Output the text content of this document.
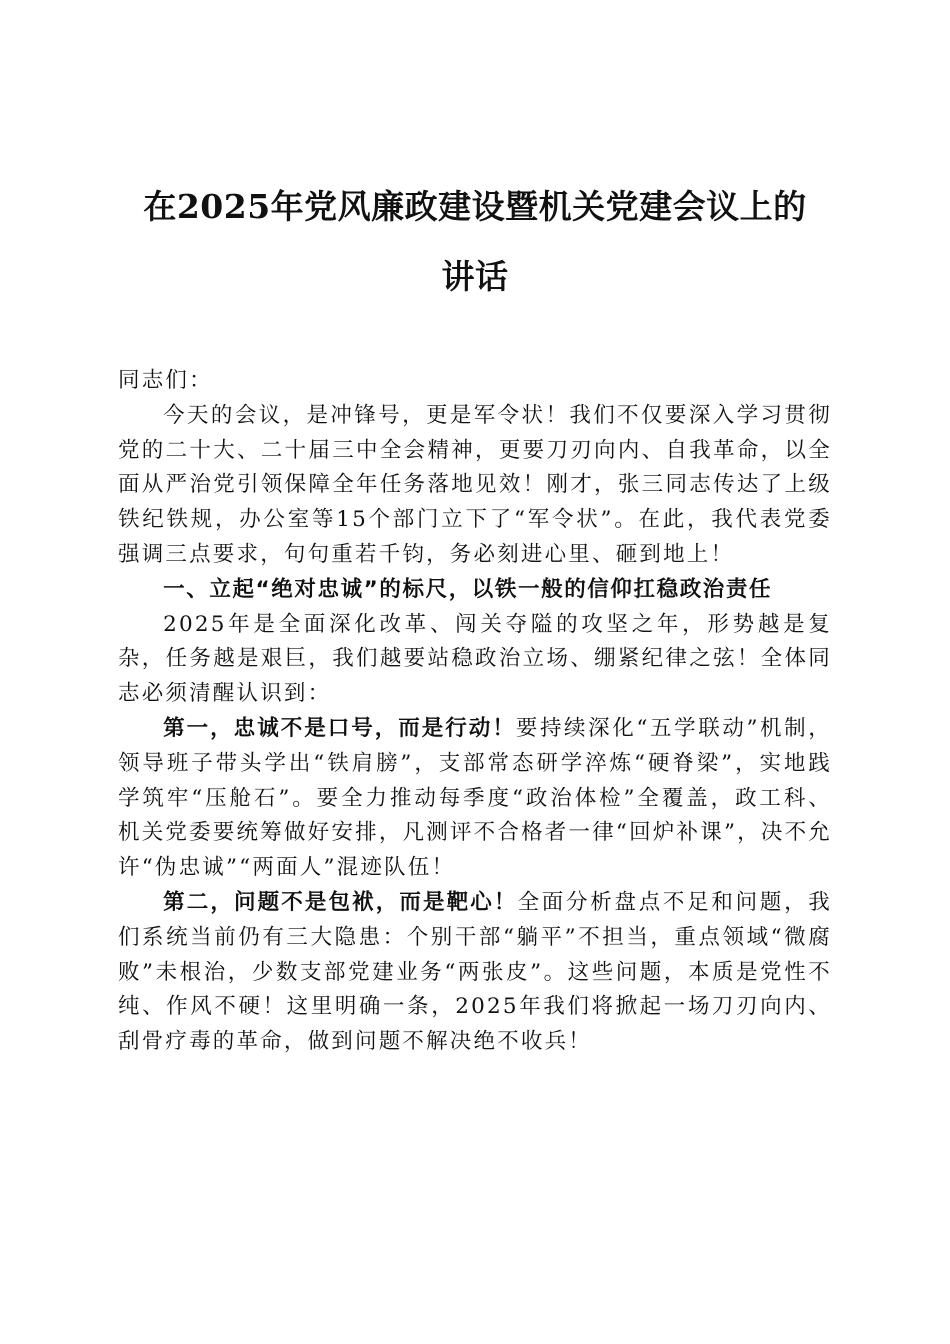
在2025年党风廉政建设暨机关党建会议上的
讲话

同志们：

今天的会议，是冲锋号，更是军令状！我们不仅要深入学习贯彻党的二十大、二十届三中全会精神，更要刀刃向内、自我革命，以全面从严治党引领保障全年任务落地见效！刚才，张三同志传达了上级铁纪铁规，办公室等15个部门立下了“军令状”。在此，我代表党委强调三点要求，句句重若千钧，务必刻进心里、砸到地上！

一、立起“绝对忠诚”的标尺，以铁一般的信仰扛稳政治责任

2025年是全面深化改革、闯关夺隘的攻坚之年，形势越是复杂，任务越是艰巨，我们越要站稳政治立场、绷紧纪律之弦！全体同志必须清醒认识到：

第一，忠诚不是口号，而是行动！要持续深化“五学联动”机制，领导班子带头学出“铁肩膀”，支部常态研学淬炼“硬脊梁”，实地践学筑牢“压舱石”。要全力推动每季度“政治体检”全覆盖，政工科、机关党委要统筹做好安排，凡测评不合格者一律“回炉补课”，决不允许“伪忠诚”“两面人”混迹队伍！

第二，问题不是包袱，而是靶心！全面分析盘点不足和问题，我们系统当前仍有三大隐患：个别干部“躺平”不担当，重点领域“微腐败”未根治，少数支部党建业务“两张皮”。这些问题，本质是党性不纯、作风不硬！这里明确一条，2025年我们将掀起一场刀刃向内、刮骨疗毒的革命，做到问题不解决绝不收兵！
